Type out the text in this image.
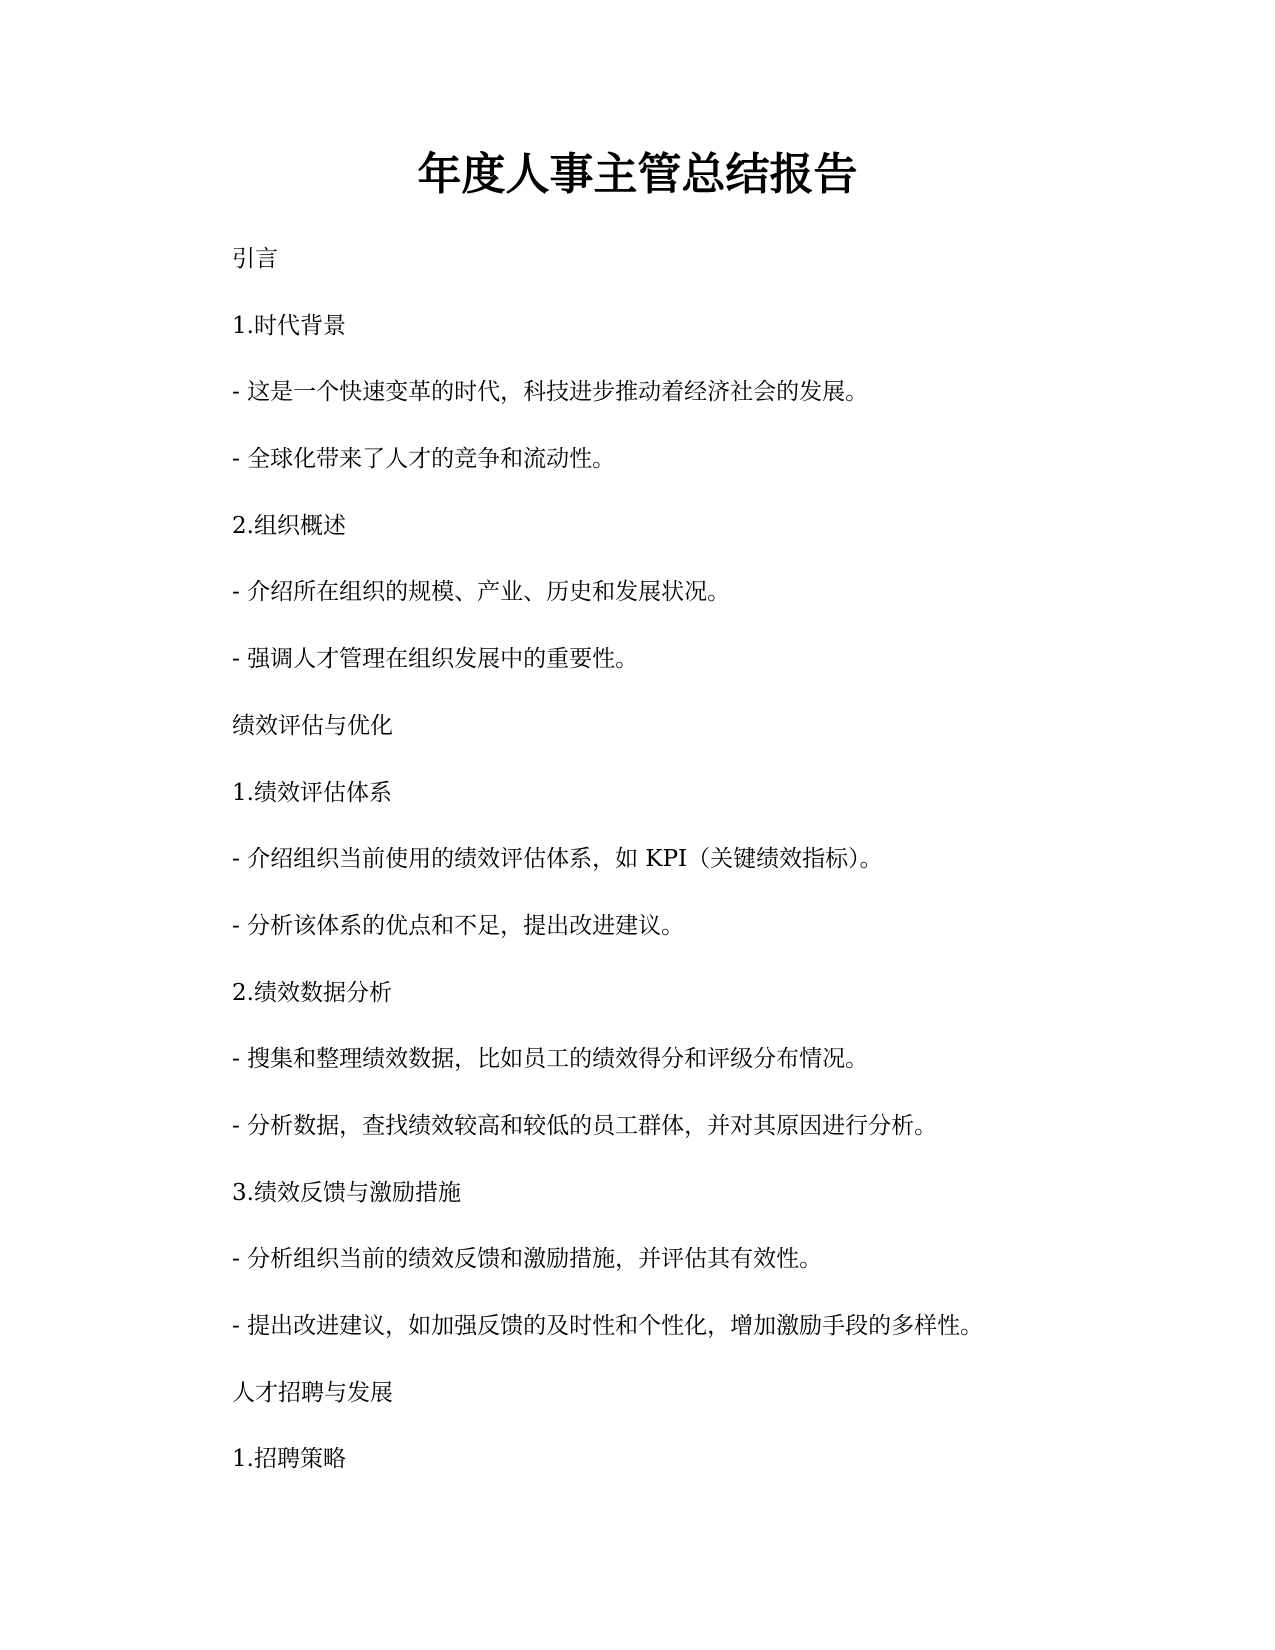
年度人事主管总结报告

引言

1.时代背景

- 这是一个快速变革的时代，科技进步推动着经济社会的发展。

- 全球化带来了人才的竞争和流动性。

2.组织概述

- 介绍所在组织的规模、产业、历史和发展状况。

- 强调人才管理在组织发展中的重要性。

绩效评估与优化

1.绩效评估体系

- 介绍组织当前使用的绩效评估体系，如 KPI（关键绩效指标）。

- 分析该体系的优点和不足，提出改进建议。

2.绩效数据分析

- 搜集和整理绩效数据，比如员工的绩效得分和评级分布情况。

- 分析数据，查找绩效较高和较低的员工群体，并对其原因进行分析。

3.绩效反馈与激励措施

- 分析组织当前的绩效反馈和激励措施，并评估其有效性。

- 提出改进建议，如加强反馈的及时性和个性化，增加激励手段的多样性。

人才招聘与发展

1.招聘策略
